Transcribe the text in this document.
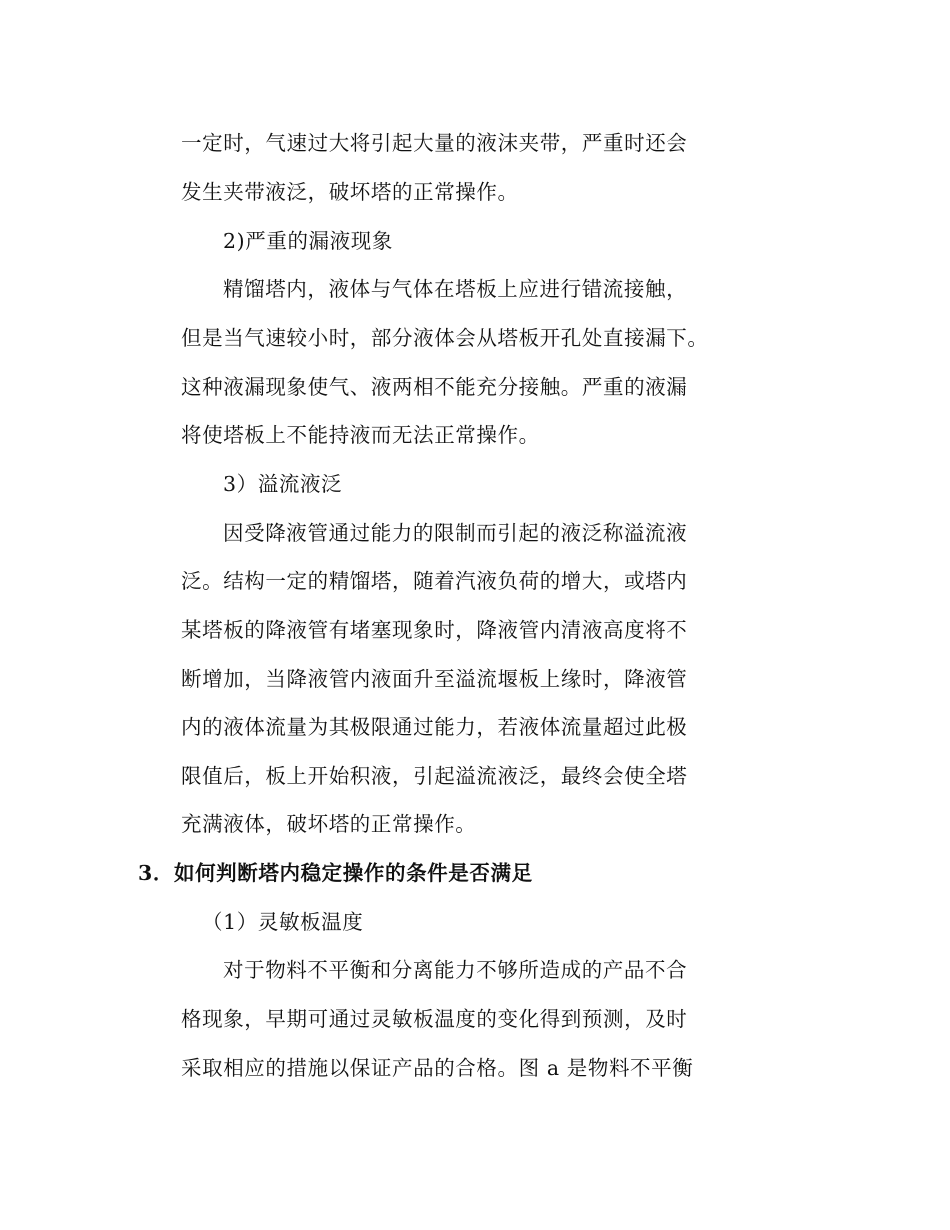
一定时，气速过大将引起大量的液沫夹带，严重时还会
发生夹带液泛，破坏塔的正常操作。
2)严重的漏液现象
精馏塔内，液体与气体在塔板上应进行错流接触，
但是当气速较小时，部分液体会从塔板开孔处直接漏下。
这种液漏现象使气、液两相不能充分接触。严重的液漏
将使塔板上不能持液而无法正常操作。
3）溢流液泛
因受降液管通过能力的限制而引起的液泛称溢流液
泛。结构一定的精馏塔，随着汽液负荷的增大，或塔内
某塔板的降液管有堵塞现象时，降液管内清液高度将不
断增加，当降液管内液面升至溢流堰板上缘时，降液管
内的液体流量为其极限通过能力，若液体流量超过此极
限值后，板上开始积液，引起溢流液泛，最终会使全塔
充满液体，破坏塔的正常操作。
3．如何判断塔内稳定操作的条件是否满足
（1）灵敏板温度
对于物料不平衡和分离能力不够所造成的产品不合
格现象，早期可通过灵敏板温度的变化得到预测，及时
采取相应的措施以保证产品的合格。图 a 是物料不平衡
